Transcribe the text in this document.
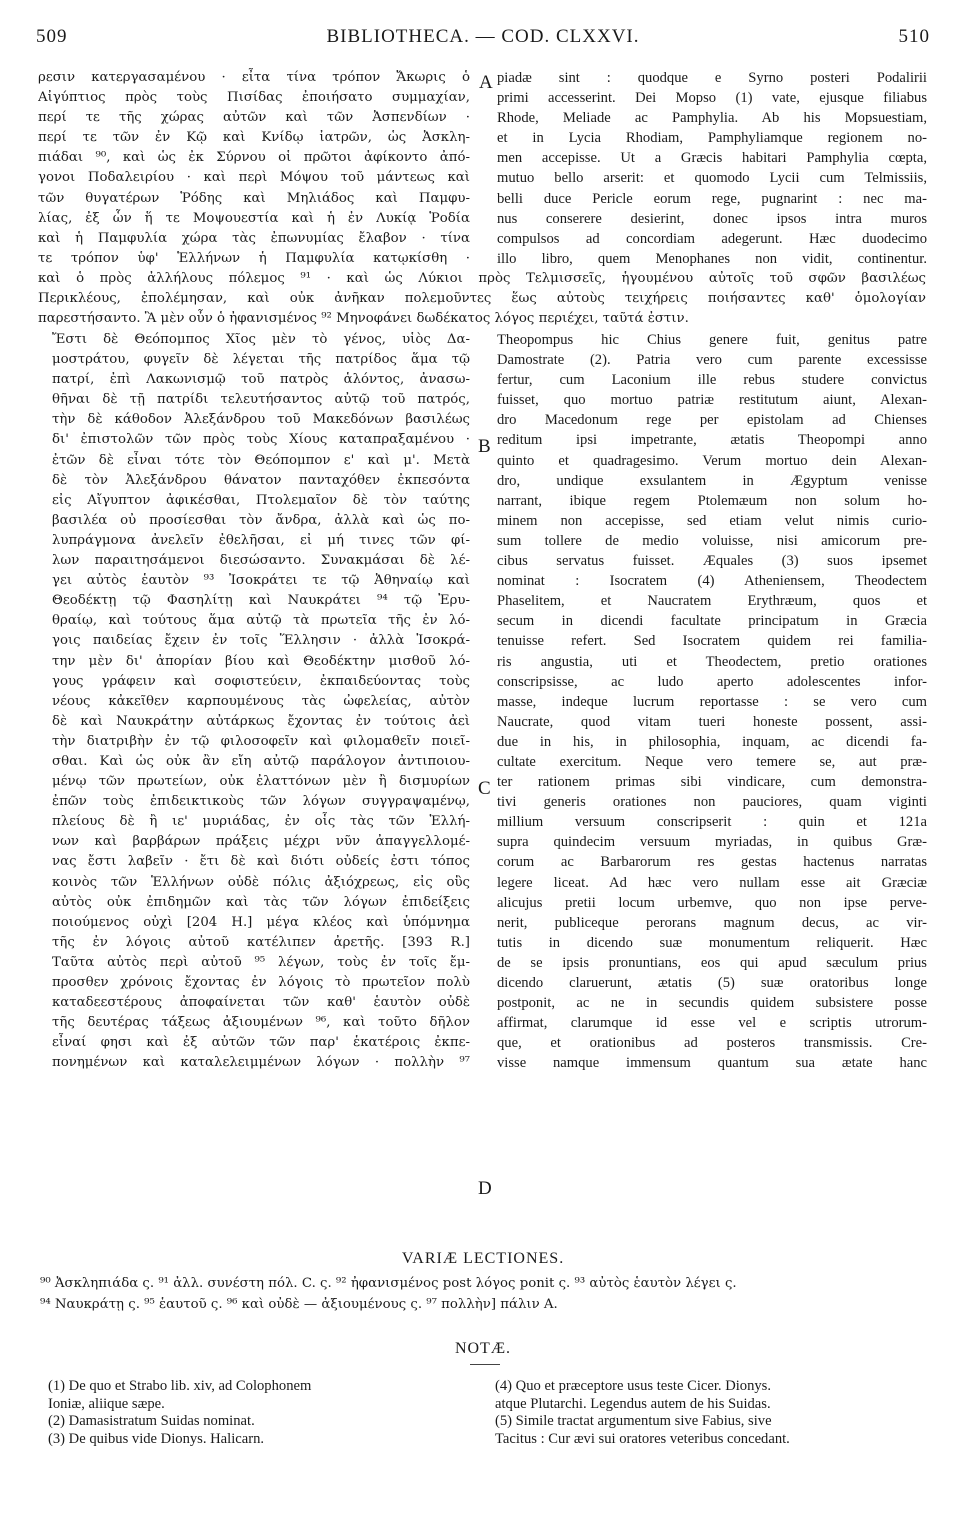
509	BIBLIOTHECA. — COD. CLXXVI.	510
ρεσιν κατεργασαμένου · εἶτα τίνα τρόπον Ἄκωρις ὁ
Αἰγύπτιος πρὸς τοὺς Πισίδας ἐποιήσατο συμμαχίαν,
περί τε τῆς χώρας αὐτῶν καὶ τῶν Ἀσπενδίων ·
περί τε τῶν ἐν Κῷ καὶ Κνίδῳ ἰατρῶν, ὡς Ἀσκλη-
πιάδαι ⁹⁰, καὶ ὡς ἐκ Σύρνου οἱ πρῶτοι ἀφίκοντο ἀπό-
γονοι Ποδαλειρίου · καὶ περὶ Μόψου τοῦ μάντεως καὶ
τῶν θυγατέρων Ῥόδης καὶ Μηλιάδος καὶ Παμφυ-
λίας, ἐξ ὧν ἥ τε Μοψουεστία καὶ ἡ ἐν Λυκίᾳ Ῥοδία
καὶ ἡ Παμφυλία χώρα τὰς ἐπωνυμίας ἔλαβον · τίνα
τε τρόπον ὑφ' Ἑλλήνων ἡ Παμφυλία κατῳκίσθη ·
piadæ sint : quodque e Syrno posteri Podalirii
primi accesserint. Dei Mopso (1) vate, ejusque filiabus
Rhode, Meliade ac Pamphylia. Ab his Mopsuestiam,
et in Lycia Rhodiam, Pamphyliamque regionem no-
men accepisse. Ut a Græcis habitari Pamphylia cœpta,
mutuo bello arserit: et quomodo Lycii cum Telmissiis,
belli duce Pericle eorum rege, pugnarint : nec ma-
nus conserere desierint, donec ipsos intra muros
compulsos ad concordiam adegerunt. Hæc duodecimo
illo libro, quem Menophanes non vidit, continentur.
καὶ ὁ πρὸς ἀλλήλους πόλεμος ⁹¹ · καὶ ὡς Λύκιοι πρὸς Τελμισσεῖς, ἡγουμένου αὐτοῖς τοῦ σφῶν βασιλέως
Περικλέους, ἐπολέμησαν, καὶ οὐκ ἀνῆκαν πολεμοῦντες ἕως αὐτοὺς τειχήρεις ποιήσαντες καθ' ὁμολογίαν
παρεστήσαντο. Ἃ μὲν οὖν ὁ ἠφανισμένος ⁹² Μηνοφάνει δωδέκατος λόγος περιέχει, ταῦτά ἐστιν.
Ἔστι δὲ Θεόπομπος Χῖος μὲν τὸ γένος, υἱὸς Δα-
μοστράτου, φυγεῖν δὲ λέγεται τῆς πατρίδος ἅμα τῷ
πατρί, ἐπὶ Λακωνισμῷ τοῦ πατρὸς ἁλόντος, ἀνασω-
θῆναι δὲ τῇ πατρίδι τελευτήσαντος αὐτῷ τοῦ πατρός,
τὴν δὲ κάθοδον Ἀλεξάνδρου τοῦ Μακεδόνων βασιλέως
δι' ἐπιστολῶν τῶν πρὸς τοὺς Χίους καταπραξαμένου ·
ἐτῶν δὲ εἶναι τότε τὸν Θεόπομπον ε' καὶ μ'. Μετὰ
δὲ τὸν Ἀλεξάνδρου θάνατον πανταχόθεν ἐκπεσόντα
εἰς Αἴγυπτον ἀφικέσθαι, Πτολεμαῖον δὲ τὸν ταύτης
βασιλέα οὐ προσίεσθαι τὸν ἄνδρα, ἀλλὰ καὶ ὡς πο-
λυπράγμονα ἀνελεῖν ἐθελῆσαι, εἰ μή τινες τῶν φί-
λων παραιτησάμενοι διεσώσαντο. Συνακμάσαι δὲ λέ-
γει αὐτὸς ἑαυτὸν ⁹³ Ἰσοκράτει τε τῷ Ἀθηναίῳ καὶ
Θεοδέκτῃ τῷ Φασηλίτῃ καὶ Ναυκράτει ⁹⁴ τῷ Ἐρυ-
θραίῳ, καὶ τούτους ἅμα αὐτῷ τὰ πρωτεῖα τῆς ἐν λό-
γοις παιδείας ἔχειν ἐν τοῖς Ἕλλησιν · ἀλλὰ Ἰσοκρά-
την μὲν δι' ἀπορίαν βίου καὶ Θεοδέκτην μισθοῦ λό-
γους γράφειν καὶ σοφιστεύειν, ἐκπαιδεύοντας τοὺς
νέους κἀκεῖθεν καρπουμένους τὰς ὠφελείας, αὐτὸν
δὲ καὶ Ναυκράτην αὐτάρκως ἔχοντας ἐν τούτοις ἀεὶ
τὴν διατριβὴν ἐν τῷ φιλοσοφεῖν καὶ φιλομαθεῖν ποιεῖ-
σθαι. Καὶ ὡς οὐκ ἂν εἴη αὐτῷ παράλογον ἀντιποιου-
μένῳ τῶν πρωτείων, οὐκ ἐλαττόνων μὲν ἢ δισμυρίων
ἐπῶν τοὺς ἐπιδεικτικοὺς τῶν λόγων συγγραψαμένῳ,
πλείους δὲ ἢ ιε' μυριάδας, ἐν οἷς τὰς τῶν Ἑλλή-
νων καὶ βαρβάρων πράξεις μέχρι νῦν ἀπαγγελλομέ-
νας ἔστι λαβεῖν · ἔτι δὲ καὶ διότι οὐδείς ἐστι τόπος
κοινὸς τῶν Ἑλλήνων οὐδὲ πόλις ἀξιόχρεως, εἰς οὓς
αὐτὸς οὐκ ἐπιδημῶν καὶ τὰς τῶν λόγων ἐπιδείξεις
ποιούμενος οὐχὶ [204 H.] μέγα κλέος καὶ ὑπόμνημα
τῆς ἐν λόγοις αὐτοῦ κατέλιπεν ἀρετῆς. [393 R.]
Ταῦτα αὐτὸς περὶ αὐτοῦ ⁹⁵ λέγων, τοὺς ἐν τοῖς ἔμ-
προσθεν χρόνοις ἔχοντας ἐν λόγοις τὸ πρωτεῖον πολὺ
καταδεεστέρους ἀποφαίνεται τῶν καθ' ἑαυτὸν οὐδὲ
τῆς δευτέρας τάξεως ἀξιουμένων ⁹⁶, καὶ τοῦτο δῆλον
εἶναί φησι καὶ ἐξ αὐτῶν τῶν παρ' ἑκατέροις ἐκπε-
πονημένων καὶ καταλελειμμένων λόγων · πολλὴν ⁹⁷
Theopompus hic Chius genere fuit, genitus patre
Damostrate (2). Patria vero cum parente excessisse
fertur, cum Laconium ille rebus studere convictus
fuisset, quo mortuo patriæ restitutum aiunt, Alexan-
dro Macedonum rege per epistolam ad Chienses
reditum ipsi impetrante, ætatis Theopompi anno
quinto et quadragesimo. Verum mortuo dein Alexan-
dro, undique exsulantem in Ægyptum venisse
narrant, ibique regem Ptolemæum non solum ho-
minem non accepisse, sed etiam velut nimis curio-
sum tollere de medio voluisse, nisi amicorum pre-
cibus servatus fuisset. Æquales (3) suos ipsemet
nominat : Isocratem (4) Atheniensem, Theodectem
Phaselitem, et Naucratem Erythræum, quos et
secum in dicendi facultate principatum in Græcia
tenuisse refert. Sed Isocratem quidem rei familia-
ris angustia, uti et Theodectem, pretio orationes
conscripsisse, ac ludo aperto adolescentes infor-
masse, indeque lucrum reportasse : se vero cum
Naucrate, quod vitam tueri honeste possent, assi-
due in his, in philosophia, inquam, ac dicendi fa-
cultate exercitum. Neque vero temere se, aut præ-
ter rationem primas sibi vindicare, cum demonstra-
tivi generis orationes non pauciores, quam viginti
millium versuum conscripserit : quin et 121a
supra quindecim versuum myriadas, in quibus Græ-
corum ac Barbarorum res gestas hactenus narratas
legere liceat. Ad hæc vero nullam esse ait Græciæ
alicujus pretii locum urbemve, quo non ipse perve-
nerit, publiceque perorans magnum decus, ac vir-
tutis in dicendo suæ monumentum reliquerit. Hæc
de se ipsis pronuntians, eos qui apud sæculum prius
dicendo claruerunt, ætatis (5) suæ oratoribus longe
postponit, ac ne in secundis quidem subsistere posse
affirmat, clarumque id esse vel e scriptis utrorum-
que, et orationibus ad posteros transmissis. Cre-
visse namque immensum quantum sua ætate hanc
A
B
C
D
VARIÆ LECTIONES.
⁹⁰ Ἀσκληπιάδα ς. ⁹¹ ἀλλ. συνέστη πόλ. C. ς. ⁹² ἠφανισμένος post λόγος ponit ς. ⁹³ αὐτὸς ἑαυτὸν λέγει ς.
⁹⁴ Ναυκράτῃ ς. ⁹⁵ ἑαυτοῦ ς. ⁹⁶ καὶ οὐδὲ — ἀξιουμένους ς. ⁹⁷ πολλὴν] πάλιν A.
NOTÆ.
(1) De quo et Strabo lib. xiv, ad Colophonem
Ioniæ, aliique sæpe.
(2) Damasistratum Suidas nominat.
(3) De quibus vide Dionys. Halicarn.
(4) Quo et præceptore usus teste Cicer. Dionys.
atque Plutarchi. Legendus autem de his Suidas.
(5) Simile tractat argumentum sive Fabius, sive
Tacitus : Cur ævi sui oratores veteribus concedant.
